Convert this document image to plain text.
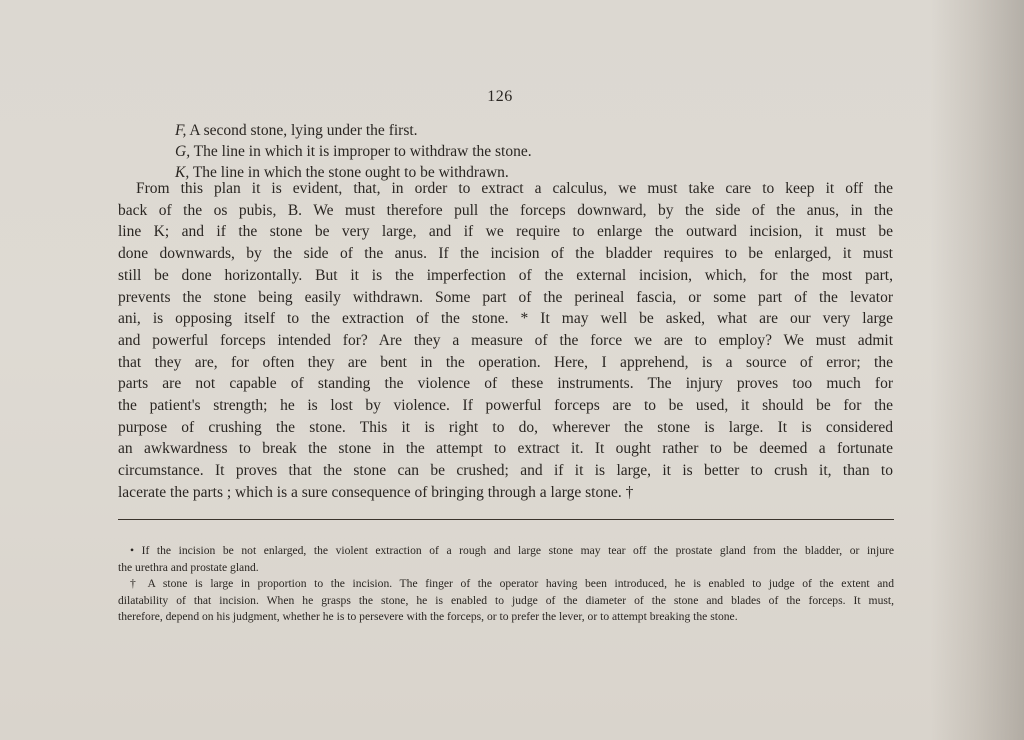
126
F, A second stone, lying under the first.
G, The line in which it is improper to withdraw the stone.
K, The line in which the stone ought to be withdrawn.
From this plan it is evident, that, in order to extract a calculus, we must take care to keep it off the
back of the os pubis, B. We must therefore pull the forceps downward, by the side of the anus, in the
line K; and if the stone be very large, and if we require to enlarge the outward incision, it must be
done downwards, by the side of the anus. If the incision of the bladder requires to be enlarged, it must
still be done horizontally. But it is the imperfection of the external incision, which, for the most part,
prevents the stone being easily withdrawn. Some part of the perineal fascia, or some part of the levator
ani, is opposing itself to the extraction of the stone. * It may well be asked, what are our very large
and powerful forceps intended for? Are they a measure of the force we are to employ? We must admit
that they are, for often they are bent in the operation. Here, I apprehend, is a source of error; the
parts are not capable of standing the violence of these instruments. The injury proves too much for
the patient's strength; he is lost by violence. If powerful forceps are to be used, it should be for the
purpose of crushing the stone. This it is right to do, wherever the stone is large. It is considered
an awkwardness to break the stone in the attempt to extract it. It ought rather to be deemed a fortunate
circumstance. It proves that the stone can be crushed; and if it is large, it is better to crush it, than to
lacerate the parts ; which is a sure consequence of bringing through a large stone. †
• If the incision be not enlarged, the violent extraction of a rough and large stone may tear off the prostate gland from the bladder, or injure
the urethra and prostate gland.
† A stone is large in proportion to the incision. The finger of the operator having been introduced, he is enabled to judge of the extent and
dilatability of that incision. When he grasps the stone, he is enabled to judge of the diameter of the stone and blades of the forceps. It must,
therefore, depend on his judgment, whether he is to persevere with the forceps, or to prefer the lever, or to attempt breaking the stone.
